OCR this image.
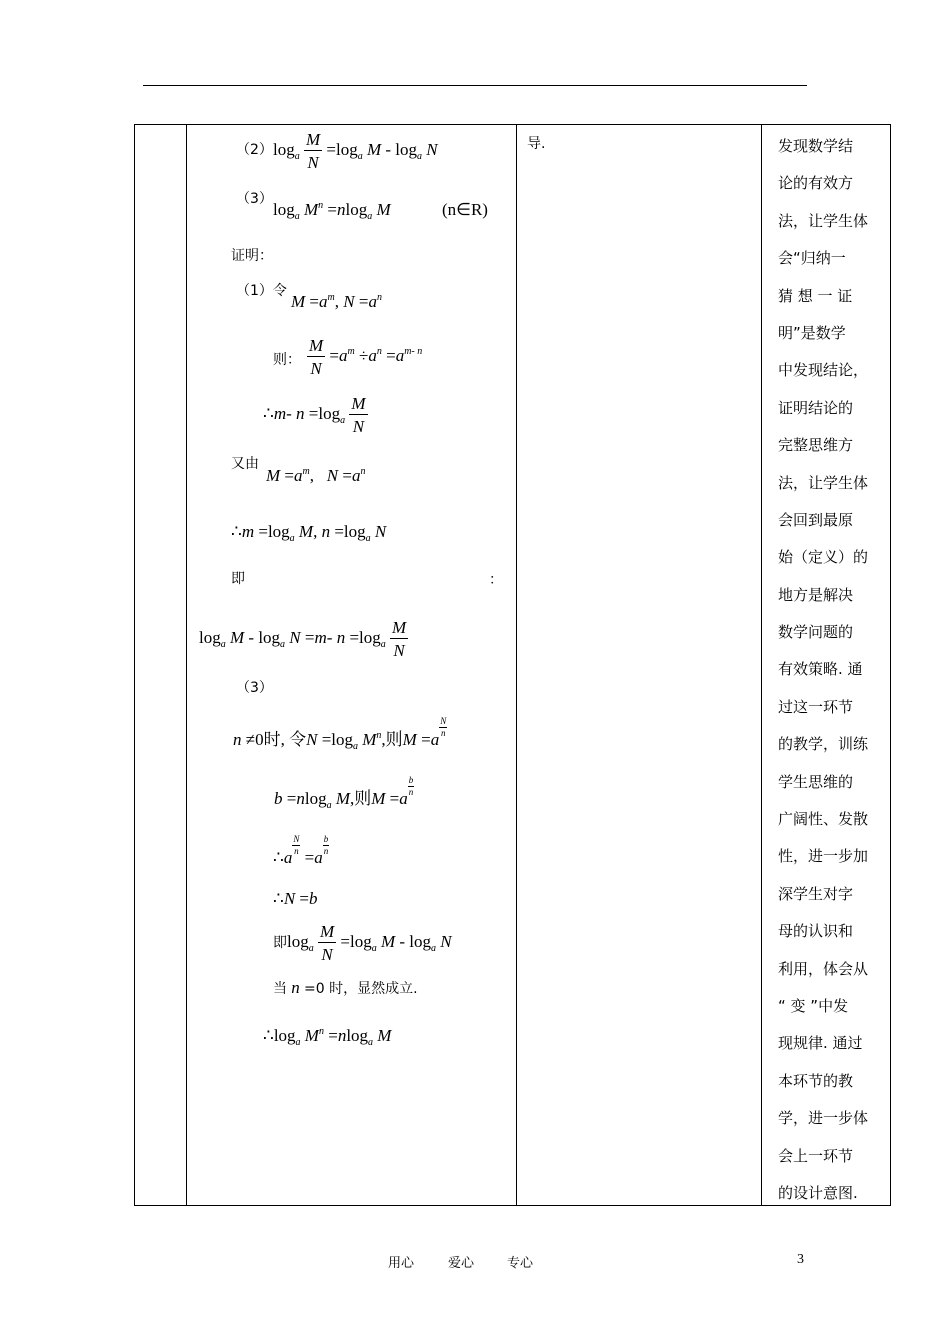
（2） $\log_a \frac{M}{N} =\log_a$ M - $\log_a N$
（3）
$\log_a M^n =nlog_a$ M	(n∈R)
证明：
（1）令
$M =a^m$, $N =a^n$
则： $\frac{M}{N} =a^m \div a^n =a^{m- n}$
∴m- $n =\log_a \frac{M}{N}$
又由
$M =a^m$,   $N =a^n$
∴m $=\log_a$ M, $n =\log_a$ N
即	：
$\log_a M - \log_a N =m-$ $n =\log_a \frac{M}{N}$
（3）
n ≠0时, 令$N =\log_a$ $M^n$,则M =a
$\frac{N}{n}$
b =nlog$_a$ M,则M =a
$\frac{b}{n}$
∴a
$\frac{N}{n}$
=a
$\frac{b}{n}$
∴N =b
即$\log_a \frac{M}{N} =\log_a$ M - $\log_a N$
当 n =0 时，显然成立.
$\therefore\log_a$ $M^n =nlog_a$ M

导.	发现数学结
论的有效方
法，让学生体
会“归纳一
猜 想 一 证
明”是数学
中发现结论，
证明结论的
完整思维方
法，让学生体
会回到最原
始（定义）的
地方是解决
数学问题的
有效策略. 通
过这一环节
的教学，训练
学生思维的
广阔性、发散
性，进一步加
深学生对字
母的认识和
利用，体会从
“ 变 ”中发
现规律. 通过
本环节的教
学，进一步体
会上一环节
的设计意图.
用心	爱心	专心	3
